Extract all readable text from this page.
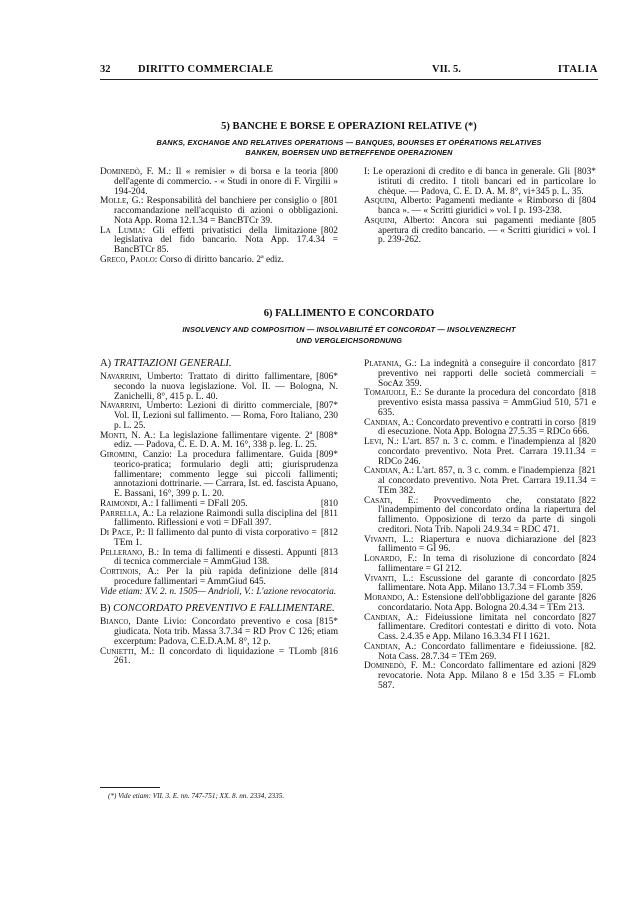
32	DIRITTO COMMERCIALE	VII. 5.	ITALIA
5) BANCHE E BORSE E OPERAZIONI RELATIVE (*)
BANKS, EXCHANGE AND RELATIVES OPERATIONS — BANQUES, BOURSES ET OPÉRATIONS RELATIVES
BANKEN, BOERSEN UND BETREFFENDE OPERAZIONEN

[800
Dominedò, F. M.: Il « remisier » di borsa e la teoria dell'agente di commercio. - « Studi in onore di F. Virgilii » 194-204.

[801
Molle, G.: Responsabilità del banchiere per consiglio o raccomandazione nell'acquisto di azioni o obbligazioni. Nota App. Roma 12.1.34 = BancBTCr 39.

[802
La Lumia: Gli effetti privatistici della limitazione legislativa del fido bancario. Nota App. 17.4.34 = BancBTCr 85.

Greco, Paolo: Corso di diritto bancario. 2ª ediz.

[803*
I: Le operazioni di credito e di banca in generale. Gli istituti di credito. I titoli bancari ed in particolare lo chèque. — Padova, C. E. D. A. M. 8°, vi+345 p. L. 35.

[804
Asquini, Alberto: Pagamenti mediante « Rimborso di banca ». — « Scritti giuridici » vol. I p. 193-238.

[805
Asquini, Alberto: Ancora sui pagamenti mediante apertura di credito bancario. — « Scritti giuridici » vol. I p. 239-262.

6) FALLIMENTO E CONCORDATO
INSOLVENCY AND COMPOSITION — INSOLVABILITÉ ET CONCORDAT — INSOLVENZRECHT
UND VERGLEICHSORDNUNG

A) TRATTAZIONI GENERALI.

[806*
Navarrini, Umberto: Trattato di diritto fallimentare, secondo la nuova legislazione. Vol. II. — Bologna, N. Zanichelli, 8°, 415 p. L. 40.

[807*
Navarrini, Umberto: Lezioni di diritto commerciale, Vol. II, Lezioni sul fallimento. — Roma, Foro Italiano, 230 p. L. 25.

[808*
Monti, N. A.: La legislazione fallimentare vigente. 2ª ediz. — Padova, C. E. D. A. M. 16°, 338 p. leg. L. 25.

[809*
Giromini, Canzio: La procedura fallimentare. Guida teorico-pratica; formulario degli atti; giurisprudenza fallimentare; commento legge sui piccoli fallimenti; annotazioni dottrinarie. — Carrara, Ist. ed. fascista Apuano, E. Bassani, 16°, 399 p. L. 20.

[810
Raimondi, A.: I fallimenti = DFall 205.

[811
Parrella, A.: La relazione Raimondi sulla disciplina del fallimento. Riflessioni e voti = DFall 397.

[812
Di Pace, P.: Il fallimento dal punto di vista corporativo = TEm 1.

[813
Pellerano, B.: In tema di fallimenti e dissesti. Appunti di tecnica commerciale = AmmGiud 138.

[814
Cortinois, A.: Per la più rapida definizione delle procedure fallimentari = AmmGiud 645.

Vide etiam: XV. 2. n. 1505— Andrioli, V.: L'azione revocatoria.

B) CONCORDATO PREVENTIVO E FALLIMENTARE.

[815*
Bianco, Dante Livio: Concordato preventivo e cosa giudicata. Nota trib. Massa 3.7.34 = RD Prov C 126; etiam excerptum: Padova, C.E.D.A.M. 8°, 12 p.

[816
Cunietti, M.: Il concordato di liquidazione = TLomb 261.

[817
Platania, G.: La indegnità a conseguire il concordato preventivo nei rapporti delle società commerciali = SocAz 359.

[818
Tomaiuoli, E.: Se durante la procedura del concordato preventivo esista massa passiva = AmmGiud 510, 571 e 635.

[819
Candian, A.: Concordato preventivo e contratti in corso di esecuzione. Nota App. Bologna 27.5.35 = RDCo 666.

[820
Levi, N.: L'art. 857 n. 3 c. comm. e l'inadempienza al concordato preventivo. Nota Pret. Carrara 19.11.34 = RDCo 246.

[821
Candian, A.: L'art. 857, n. 3 c. comm. e l'inadempienza al concordato preventivo. Nota Pret. Carrara 19.11.34 = TEm 382.

[822
Casati, E.: Provvedimento che, constatato l'inadempimento del concordato ordina la riapertura del fallimento. Opposizione di terzo da parte di singoli creditori. Nota Trib. Napoli 24.9.34 = RDC 471.

[823
Vivanti, L.: Riapertura e nuova dichiarazione del fallimento = GI 96.

[824
Lonardo, F.: In tema di risoluzione di concordato fallimentare = GI 212.

[825
Vivanti, L.: Escussione del garante di concordato fallimentare. Nota App. Milano 13.7.34 = FLomb 359.

[826
Morando, A.: Estensione dell'obbligazione del garante concordatario. Nota App. Bologna 20.4.34 = TEm 213.

[827
Candian, A.: Fideiussione limitata nel concordato fallimentare. Creditori contestati e diritto di voto. Nota Cass. 2.4.35 e App. Milano 16.3.34 FI I 1621.

[82.
Candian, A.: Concordato fallimentare e fideiussione. Nota Cass. 28.7.34 = TEm 269.

[829
Dominedò, F. M.: Concordato fallimentare ed azioni revocatorie. Nota App. Milano 8 e 15d 3.35 = FLomb 587.

(*) Vide etiam: VII. 3. E. nn. 747-751; XX. 8. nn. 2334, 2335.
